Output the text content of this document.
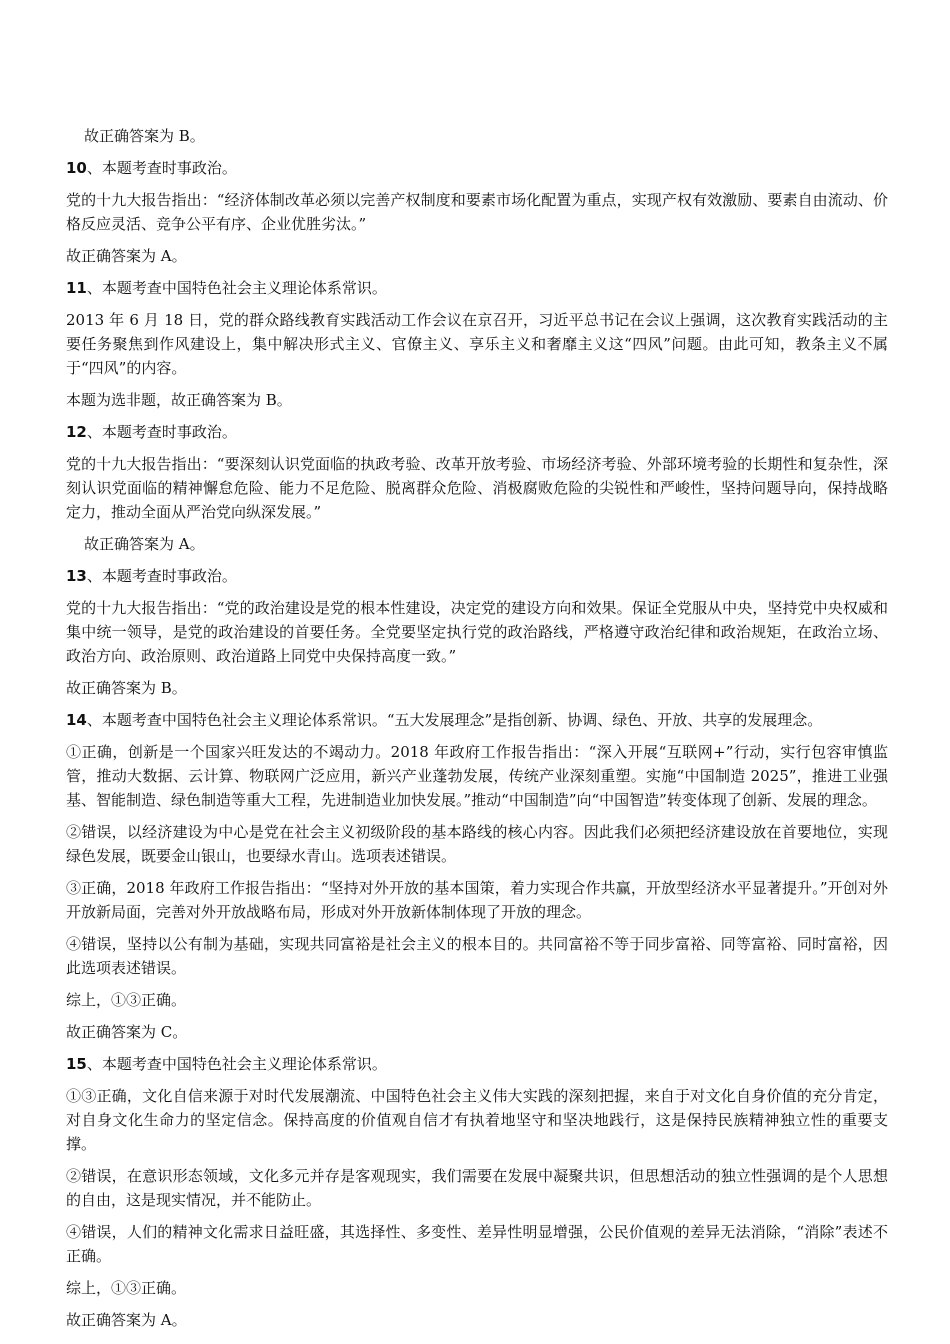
故正确答案为 B。

10、本题考查时事政治。

党的十九大报告指出：“经济体制改革必须以完善产权制度和要素市场化配置为重点，实现产权有效激励、要素自由流动、价格反应灵活、竞争公平有序、企业优胜劣汰。”

故正确答案为 A。

11、本题考查中国特色社会主义理论体系常识。

2013 年 6 月 18 日，党的群众路线教育实践活动工作会议在京召开，习近平总书记在会议上强调，这次教育实践活动的主要任务聚焦到作风建设上，集中解决形式主义、官僚主义、享乐主义和奢靡主义这“四风”问题。由此可知，教条主义不属于“四风”的内容。

本题为选非题，故正确答案为 B。

12、本题考查时事政治。

党的十九大报告指出：“要深刻认识党面临的执政考验、改革开放考验、市场经济考验、外部环境考验的长期性和复杂性，深刻认识党面临的精神懈怠危险、能力不足危险、脱离群众危险、消极腐败危险的尖锐性和严峻性，坚持问题导向，保持战略定力，推动全面从严治党向纵深发展。”

故正确答案为 A。

13、本题考查时事政治。

党的十九大报告指出：“党的政治建设是党的根本性建设，决定党的建设方向和效果。保证全党服从中央，坚持党中央权威和集中统一领导，是党的政治建设的首要任务。全党要坚定执行党的政治路线，严格遵守政治纪律和政治规矩，在政治立场、政治方向、政治原则、政治道路上同党中央保持高度一致。”

故正确答案为 B。

14、本题考查中国特色社会主义理论体系常识。“五大发展理念”是指创新、协调、绿色、开放、共享的发展理念。

①正确，创新是一个国家兴旺发达的不竭动力。2018 年政府工作报告指出：“深入开展“互联网+”行动，实行包容审慎监管，推动大数据、云计算、物联网广泛应用，新兴产业蓬勃发展，传统产业深刻重塑。实施“中国制造 2025”，推进工业强基、智能制造、绿色制造等重大工程，先进制造业加快发展。”推动“中国制造”向“中国智造”转变体现了创新、发展的理念。

②错误，以经济建设为中心是党在社会主义初级阶段的基本路线的核心内容。因此我们必须把经济建设放在首要地位，实现绿色发展，既要金山银山，也要绿水青山。选项表述错误。

③正确，2018 年政府工作报告指出：“坚持对外开放的基本国策，着力实现合作共赢，开放型经济水平显著提升。”开创对外开放新局面，完善对外开放战略布局，形成对外开放新体制体现了开放的理念。

④错误，坚持以公有制为基础，实现共同富裕是社会主义的根本目的。共同富裕不等于同步富裕、同等富裕、同时富裕，因此选项表述错误。

综上，①③正确。

故正确答案为 C。

15、本题考查中国特色社会主义理论体系常识。

①③正确，文化自信来源于对时代发展潮流、中国特色社会主义伟大实践的深刻把握，来自于对文化自身价值的充分肯定，对自身文化生命力的坚定信念。保持高度的价值观自信才有执着地坚守和坚决地践行，这是保持民族精神独立性的重要支撑。

②错误，在意识形态领域，文化多元并存是客观现实，我们需要在发展中凝聚共识，但思想活动的独立性强调的是个人思想的自由，这是现实情况，并不能防止。

④错误，人们的精神文化需求日益旺盛，其选择性、多变性、差异性明显增强，公民价值观的差异无法消除，“消除”表述不正确。

综上，①③正确。

故正确答案为 A。
